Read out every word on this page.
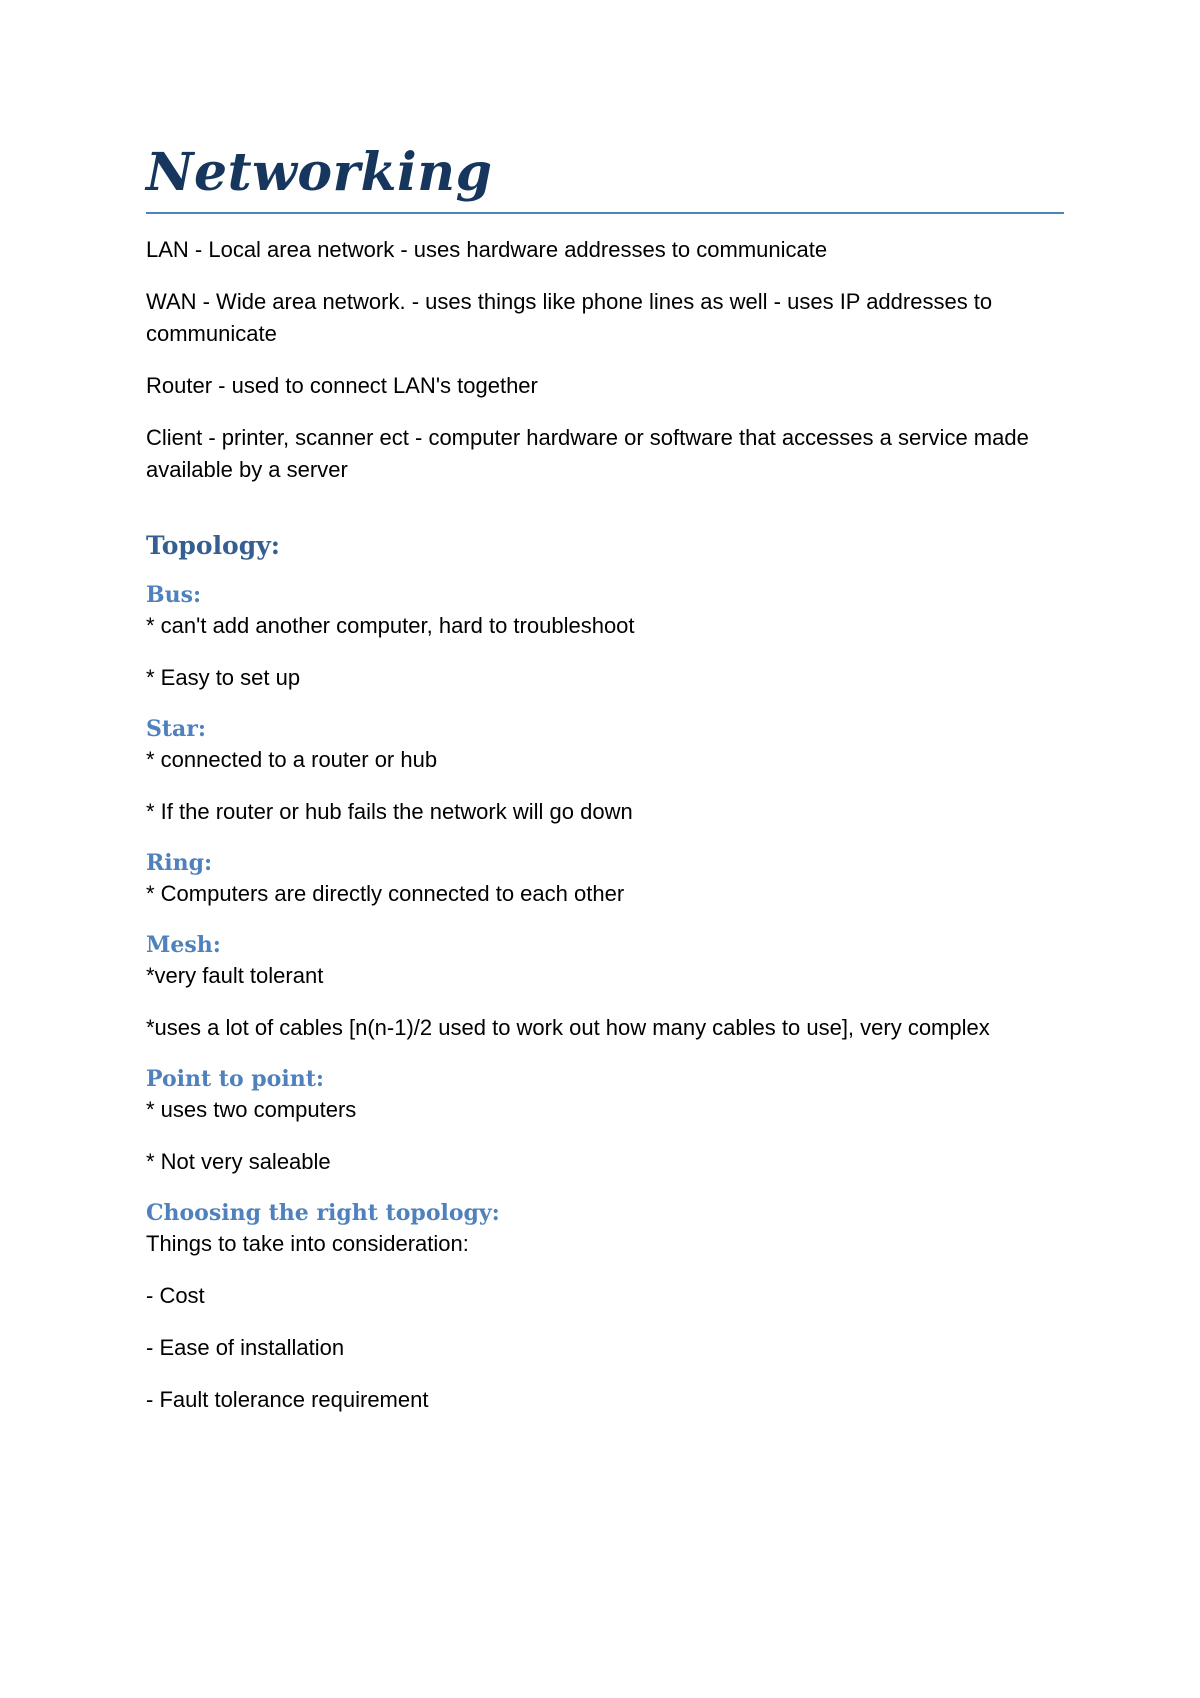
Networking

LAN - Local area network - uses hardware addresses to communicate

WAN - Wide area network. - uses things like phone lines as well - uses IP addresses to communicate

Router - used to connect LAN's together

Client - printer, scanner ect - computer hardware or software that accesses a service made available by a server

Topology:
Bus:

* can't add another computer, hard to troubleshoot

* Easy to set up

Star:

* connected to a router or hub

* If the router or hub fails the network will go down

Ring:

* Computers are directly connected to each other

Mesh:

*very fault tolerant

*uses a lot of cables [n(n-1)/2 used to work out how many cables to use], very complex

Point to point:

* uses two computers

* Not very saleable

Choosing the right topology:

Things to take into consideration:

- Cost

- Ease of installation

- Fault tolerance requirement
